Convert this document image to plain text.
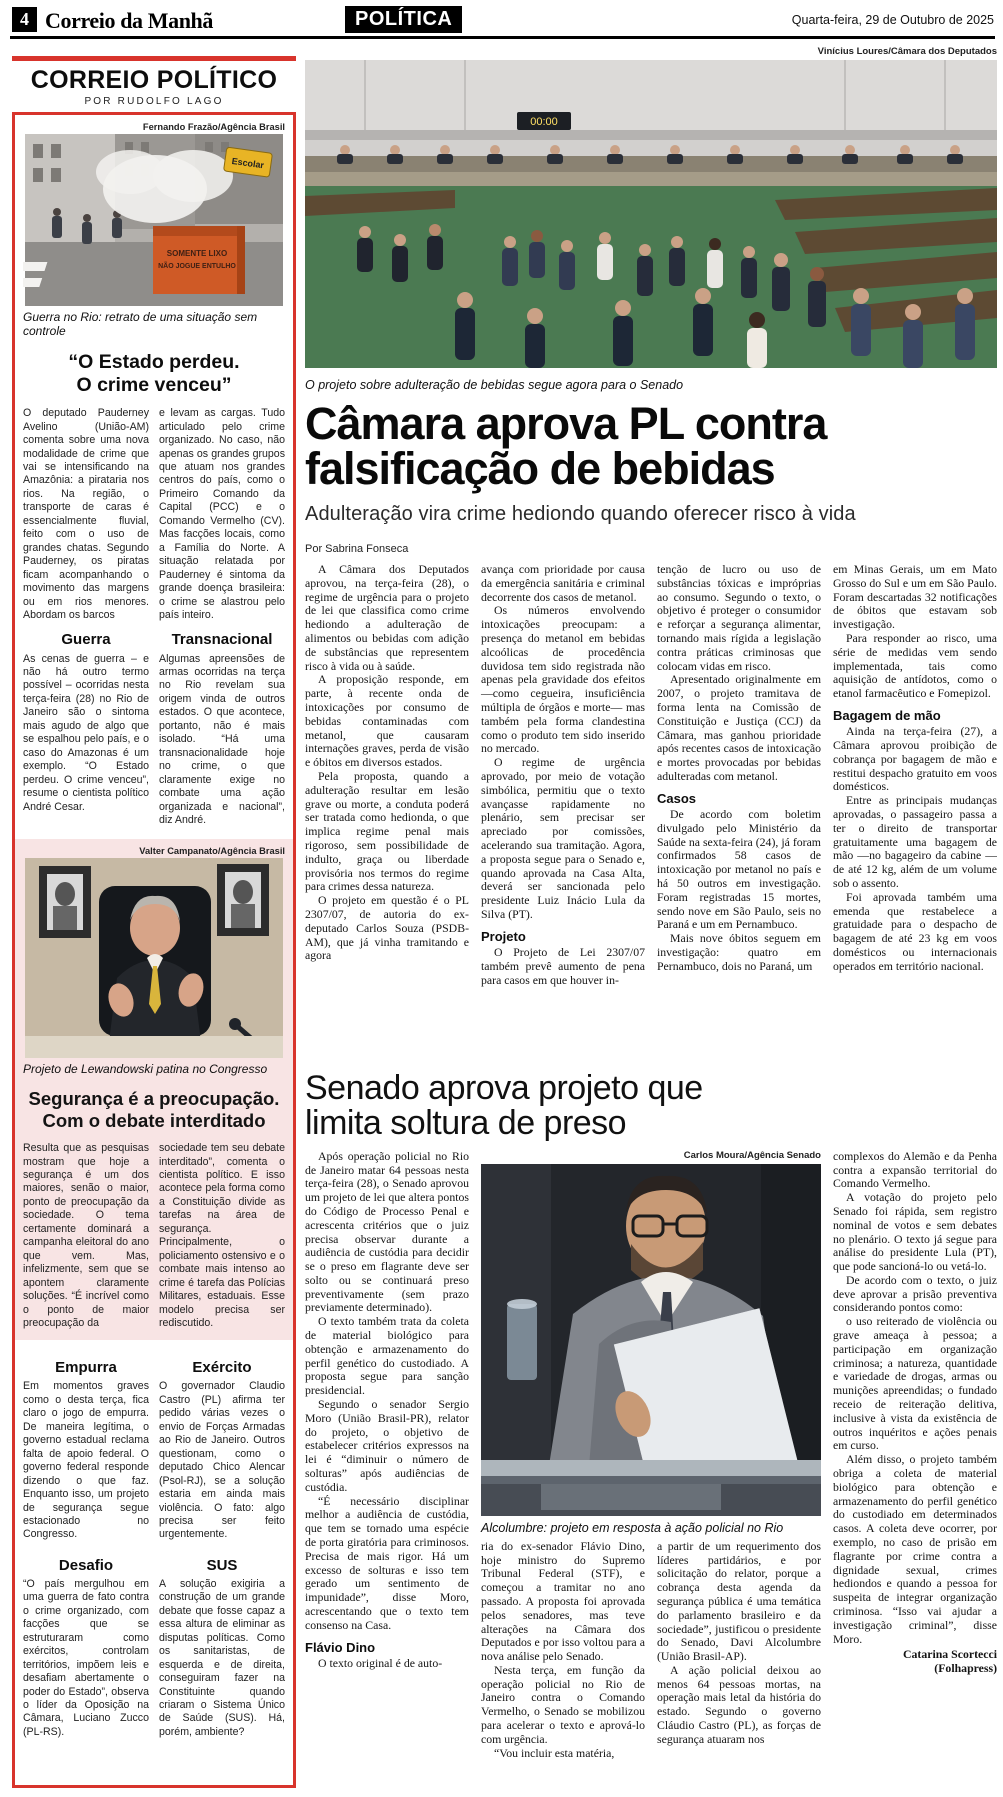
4 Correio da Manhã	POLÍTICA	Quarta-feira, 29 de Outubro de 2025
CORREIO POLÍTICO
POR RUDOLFO LAGO
Fernando Frazão/Agência Brasil
Escolar
SOMENTE LIXO
NÃO JOGUE ENTULHO
Guerra no Rio: retrato de uma situação sem controle
“O Estado perdeu.
O crime venceu”

O deputado Pauderney Avelino (União-AM) comenta sobre uma nova modalidade de crime que vai se intensificando na Amazônia: a pirataria nos rios. Na região, o transporte de caras é essencialmente fluvial, feito com o uso de grandes chatas. Segundo Pauderney, os piratas ficam acompanhando o movimento das margens ou em rios menores. Abordam os barcos

Guerra

As cenas de guerra – e não há outro termo possível – ocorridas nesta terça-feira (28) no Rio de Janeiro são o sintoma mais agudo de algo que se espalhou pelo país, e o caso do Amazonas é um exemplo. “O Estado perdeu. O crime venceu”, resume o cientista político André Cesar.

e levam as cargas. Tudo articulado pelo crime organizado. No caso, não apenas os grandes grupos que atuam nos grandes centros do país, como o Primeiro Comando da Capital (PCC) e o Comando Vermelho (CV). Mas facções locais, como a Família do Norte. A situação relatada por Pauderney é sintoma da grande doença brasileira: o crime se alastrou pelo país inteiro.

Transnacional

Algumas apreensões de armas ocorridas na terça no Rio revelam sua origem vinda de outros estados. O que acontece, portanto, não é mais isolado. “Há uma transnacionalidade hoje no crime, o que claramente exige no combate uma ação organizada e nacional”, diz André.

Valter Campanato/Agência Brasil
Projeto de Lewandowski patina no Congresso
Segurança é a preocupação.
Com o debate interditado

Resulta que as pesquisas mostram que hoje a segurança é um dos maiores, senão o maior, ponto de preocupação da sociedade. O tema certamente dominará a campanha eleitoral do ano que vem. Mas, infelizmente, sem que se apontem claramente soluções. “É incrível como o ponto de maior preocupação da

sociedade tem seu debate interditado”, comenta o cientista político. E isso acontece pela forma como a Constituição divide as tarefas na área de segurança. Principalmente, o policiamento ostensivo e o combate mais intenso ao crime é tarefa das Polícias Militares, estaduais. Esse modelo precisa ser rediscutido.

Empurra

Em momentos graves como o desta terça, fica claro o jogo de empurra. De maneira legítima, o governo estadual reclama falta de apoio federal. O governo federal responde dizendo o que faz. Enquanto isso, um projeto de segurança segue estacionado no Congresso.

Exército

O governador Claudio Castro (PL) afirma ter pedido várias vezes o envio de Forças Armadas ao Rio de Janeiro. Outros questionam, como o deputado Chico Alencar (Psol-RJ), se a solução estaria em ainda mais violência. O fato: algo precisa ser feito urgentemente.

Desafio

“O país mergulhou em uma guerra de fato contra o crime organizado, com facções que se estruturaram como exércitos, controlam territórios, impõem leis e desafiam abertamente o poder do Estado”, observa o líder da Oposição na Câmara, Luciano Zucco (PL-RS).

SUS

A solução exigiria a construção de um grande debate que fosse capaz a essa altura de eliminar as disputas políticas. Como os sanitaristas, de esquerda e de direita, conseguiram fazer na Constituinte quando criaram o Sistema Único de Saúde (SUS). Há, porém, ambiente?

Vinícius Loures/Câmara dos Deputados
00:00
O projeto sobre adulteração de bebidas segue agora para o Senado
Câmara aprova PL contra
falsificação de bebidas
Adulteração vira crime hediondo quando oferecer risco à vida
Por Sabrina Fonseca

A Câmara dos Deputados aprovou, na terça-feira (28), o regime de urgência para o projeto de lei que classifica como crime hediondo a adulteração de alimentos ou bebidas com adição de substâncias que representem risco à vida ou à saúde.

A proposição responde, em parte, à recente onda de intoxicações por consumo de bebidas contaminadas com metanol, que causaram internações graves, perda de visão e óbitos em diversos estados.

Pela proposta, quando a adulteração resultar em lesão grave ou morte, a conduta poderá ser tratada como hedionda, o que implica regime penal mais rigoroso, sem possibilidade de indulto, graça ou liberdade provisória nos termos do regime para crimes dessa natureza.

O projeto em questão é o PL 2307/07, de autoria do ex-deputado Carlos Souza (PSDB-AM), que já vinha tramitando e agora

avança com prioridade por causa da emergência sanitária e criminal decorrente dos casos de metanol.

Os números envolvendo intoxicações preocupam: a presença do metanol em bebidas alcoólicas de procedência duvidosa tem sido registrada não apenas pela gravidade dos efeitos —como cegueira, insuficiência múltipla de órgãos e morte— mas também pela forma clandestina como o produto tem sido inserido no mercado.

O regime de urgência aprovado, por meio de votação simbólica, permitiu que o texto avançasse rapidamente no plenário, sem precisar ser apreciado por comissões, acelerando sua tramitação. Agora, a proposta segue para o Senado e, quando aprovada na Casa Alta, deverá ser sancionada pelo presidente Luiz Inácio Lula da Silva (PT).

Projeto

O Projeto de Lei 2307/07 também prevê aumento de pena para casos em que houver in-

tenção de lucro ou uso de substâncias tóxicas e impróprias ao consumo. Segundo o texto, o objetivo é proteger o consumidor e reforçar a segurança alimentar, tornando mais rígida a legislação contra práticas criminosas que colocam vidas em risco.

Apresentado originalmente em 2007, o projeto tramitava de forma lenta na Comissão de Constituição e Justiça (CCJ) da Câmara, mas ganhou prioridade após recentes casos de intoxicação e mortes provocadas por bebidas adulteradas com metanol.

Casos

De acordo com boletim divulgado pelo Ministério da Saúde na sexta-feira (24), já foram confirmados 58 casos de intoxicação por metanol no país e há 50 outros em investigação. Foram registradas 15 mortes, sendo nove em São Paulo, seis no Paraná e um em Pernambuco.

Mais nove óbitos seguem em investigação: quatro em Pernambuco, dois no Paraná, um

em Minas Gerais, um em Mato Grosso do Sul e um em São Paulo. Foram descartadas 32 notificações de óbitos que estavam sob investigação.

Para responder ao risco, uma série de medidas vem sendo implementada, tais como aquisição de antídotos, como o etanol farmacêutico e Fomepizol.

Bagagem de mão

Ainda na terça-feira (27), a Câmara aprovou proibição de cobrança por bagagem de mão e restitui despacho gratuito em voos domésticos.

Entre as principais mudanças aprovadas, o passageiro passa a ter o direito de transportar gratuitamente uma bagagem de mão —no bagageiro da cabine —de até 12 kg, além de um volume sob o assento.

Foi aprovada também uma emenda que restabelece a gratuidade para o despacho de bagagem de até 23 kg em voos domésticos ou internacionais operados em território nacional.

Senado aprova projeto que
limita soltura de preso

Após operação policial no Rio de Janeiro matar 64 pessoas nesta terça-feira (28), o Senado aprovou um projeto de lei que altera pontos do Código de Processo Penal e acrescenta critérios que o juiz precisa observar durante a audiência de custódia para decidir se o preso em flagrante deve ser solto ou se continuará preso preventivamente (sem prazo previamente determinado).

O texto também trata da coleta de material biológico para obtenção e armazenamento do perfil genético do custodiado. A proposta segue para sanção presidencial.

Segundo o senador Sergio Moro (União Brasil-PR), relator do projeto, o objetivo de estabelecer critérios expressos na lei é “diminuir o número de solturas” após audiências de custódia.

“É necessário disciplinar melhor a audiência de custódia, que tem se tornado uma espécie de porta giratória para criminosos. Precisa de mais rigor. Há um excesso de solturas e isso tem gerado um sentimento de impunidade”, disse Moro, acrescentando que o texto tem consenso na Casa.

Flávio Dino

O texto original é de auto-

Carlos Moura/Agência Senado
Alcolumbre: projeto em resposta à ação policial no Rio

ria do ex-senador Flávio Dino, hoje ministro do Supremo Tribunal Federal (STF), e começou a tramitar no ano passado. A proposta foi aprovada pelos senadores, mas teve alterações na Câmara dos Deputados e por isso voltou para a nova análise pelo Senado.

Nesta terça, em função da operação policial no Rio de Janeiro contra o Comando Vermelho, o Senado se mobilizou para acelerar o texto e aprová-lo com urgência.

“Vou incluir esta matéria,

a partir de um requerimento dos líderes partidários, e por solicitação do relator, porque a cobrança desta agenda da segurança pública é uma temática do parlamento brasileiro e da sociedade”, justificou o presidente do Senado, Davi Alcolumbre (União Brasil-AP).

A ação policial deixou ao menos 64 pessoas mortas, na operação mais letal da história do estado. Segundo o governo Cláudio Castro (PL), as forças de segurança atuaram nos

complexos do Alemão e da Penha contra a expansão territorial do Comando Vermelho.

A votação do projeto pelo Senado foi rápida, sem registro nominal de votos e sem debates no plenário. O texto já segue para análise do presidente Lula (PT), que pode sancioná-lo ou vetá-lo.

De acordo com o texto, o juiz deve aprovar a prisão preventiva considerando pontos como:

o uso reiterado de violência ou grave ameaça à pessoa; a participação em organização criminosa; a natureza, quantidade e variedade de drogas, armas ou munições apreendidas; o fundado receio de reiteração delitiva, inclusive à vista da existência de outros inquéritos e ações penais em curso.

Além disso, o projeto também obriga a coleta de material biológico para obtenção e armazenamento do perfil genético do custodiado em determinados casos. A coleta deve ocorrer, por exemplo, no caso de prisão em flagrante por crime contra a dignidade sexual, crimes hediondos e quando a pessoa for suspeita de integrar organização criminosa. “Isso vai ajudar a investigação criminal”, disse Moro.

Catarina Scortecci
(Folhapress)
